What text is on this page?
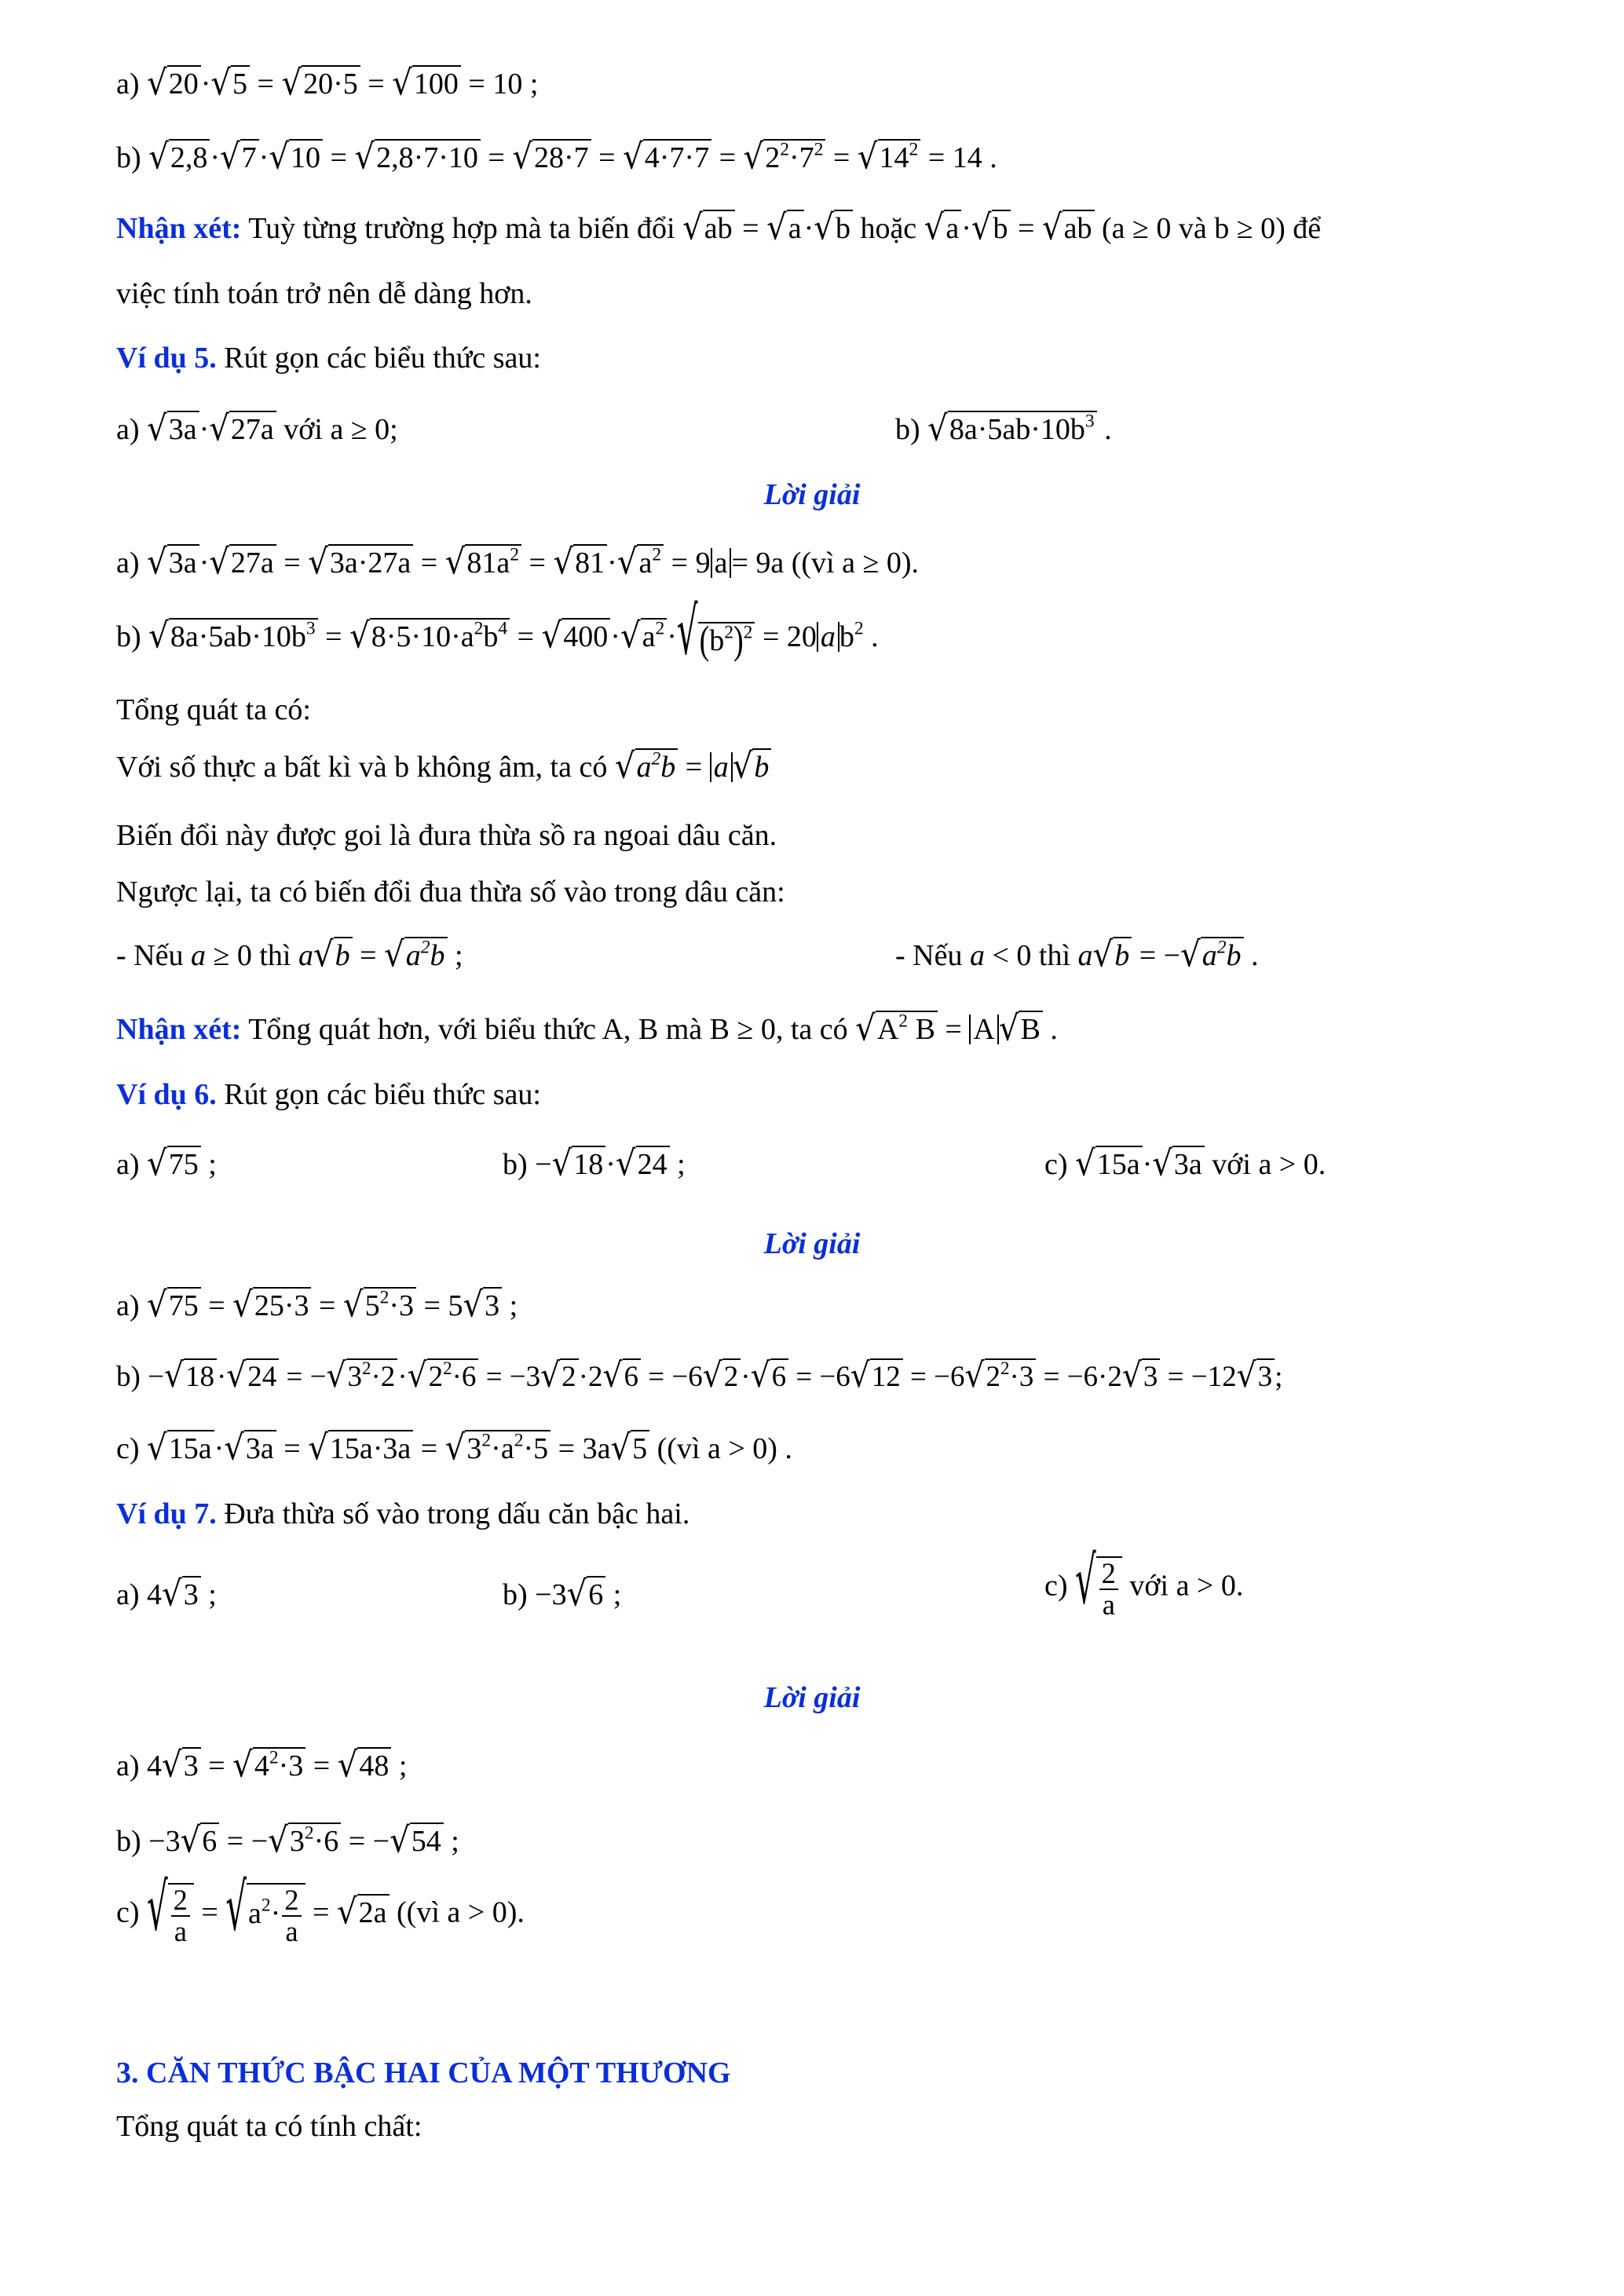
a) √20·√5 = √20·5 = √100 = 10 ;
b) $√2,8\cdot√7\cdot√10 = √2,8\cdot 7\cdot 10 = √28\cdot 7 = √4\cdot 7\cdot 7 = √2^2\cdot 7^2 = √14^2 = 14$ .
Nhận xét: Tuỳ từng trường hợp mà ta biến đổi √ab = √a·√b hoặc √a·√b = √ab (a ≥ 0 và b ≥ 0) để
việc tính toán trở nên dễ dàng hơn.
Ví dụ 5. Rút gọn các biểu thức sau:
a) √3a·√27a với a ≥ 0;	b) $√8a\cdot 5ab\cdot 10b^3$ .
Lời giải
a) $√3a\cdot√27a = √3a\cdot 27a = √81a^2 = √81\cdot√a^2 = 9$ a = 9a ((vì a ≥ 0).
b) $√8a\cdot 5ab\cdot 10b^3 = √8\cdot 5\cdot 10\cdot a^2b^4 = √400\cdot√a^2\cdot√(b^2)^2 = 20$ a $b^2$ .
Tổng quát ta có:
Với số thực a bất kì và b không âm, ta có $√a^2b = a$ √b
Biến đổi này được goi là đura thừa sồ ra ngoai dâu căn.
Ngược lại, ta có biến đổi đua thừa số vào trong dâu căn:
- Nếu a ≥ 0 thì $a√b = √a^2b$ ;	- Nếu a < 0 thì $a√b = -√a^2b$ .
Nhận xét: Tổng quát hơn, với biểu thức A, B mà B ≥ 0, ta có $√A^2$ B = A √B .
Ví dụ 6. Rút gọn các biểu thức sau:
a) √75 ;	b) −√18·√24 ;	c) √15a·√3a với a > 0.
Lời giải
a) $√75 = √25\cdot 3 = √5^2\cdot 3 = 5√3$ ;
$b) -√18\cdot√24 = -√3^2\cdot 2\cdot√2^2\cdot 6 = -3√2\cdot 2√6 = -6√2\cdot√6 = -6√12 = -6√2^2\cdot 3 = -6\cdot 2√3 = -12√3$;
c) $√15a\cdot√3a = √15a\cdot 3a = √3^2\cdot a^2\cdot 5 = 3a√5$ ((vì a > 0) .
Ví dụ 7. Đưa thừa số vào trong dấu căn bậc hai.
a) 4√3 ;	b) −3√6 ;	c) √ $\frac{2}{a}$ với a > 0.
Lời giải
a) $4√3 = √4^2\cdot 3 = √48$ ;
$b) -3√6 = -√3^2\cdot 6 = -√54$ ;
c) √ $\frac{2}{a} = √a^2\cdot \frac{2}{a} = √2a$ ((vì a > 0).
3. CĂN THỨC BẬC HAI CỦA MỘT THƯƠNG
Tổng quát ta có tính chất:
